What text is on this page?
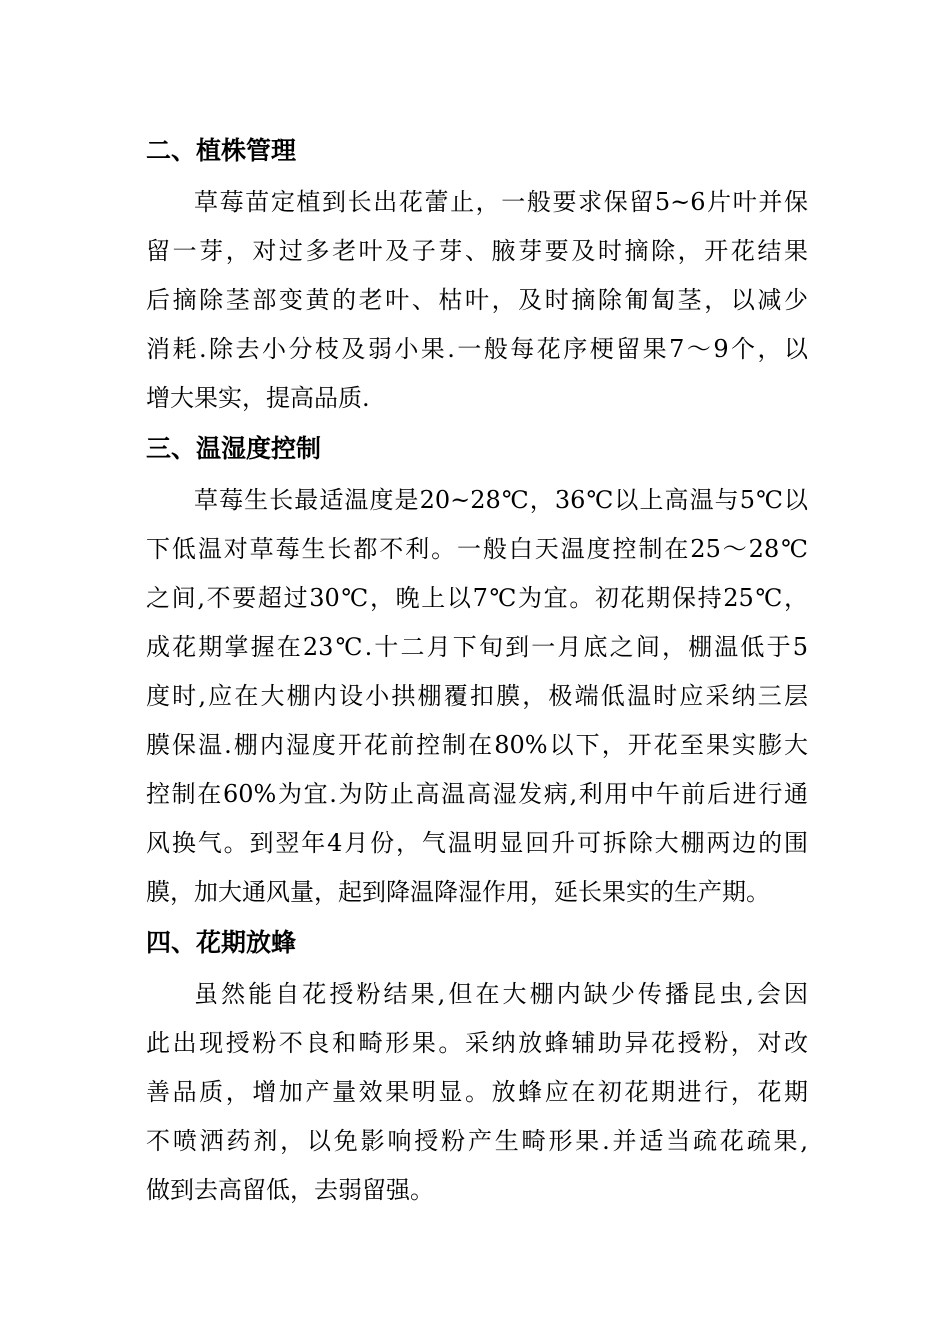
二、植株管理
草莓苗定植到长出花蕾止，一般要求保留5~6片叶并保
留一芽，对过多老叶及子芽、腋芽要及时摘除，开花结果
后摘除茎部变黄的老叶、枯叶，及时摘除匍匐茎，以减少
消耗.除去小分枝及弱小果.一般每花序梗留果7～9个，以
增大果实，提高品质.
三、温湿度控制
草莓生长最适温度是20~28℃，36℃以上高温与5℃以
下低温对草莓生长都不利。一般白天温度控制在25～28℃
之间,不要超过30℃，晚上以7℃为宜。初花期保持25℃，
成花期掌握在23℃.十二月下旬到一月底之间，棚温低于5
度时,应在大棚内设小拱棚覆扣膜，极端低温时应采纳三层
膜保温.棚内湿度开花前控制在80%以下，开花至果实膨大
控制在60%为宜.为防止高温高湿发病,利用中午前后进行通
风换气。到翌年4月份，气温明显回升可拆除大棚两边的围
膜，加大通风量，起到降温降湿作用，延长果实的生产期。
四、花期放蜂
虽然能自花授粉结果,但在大棚内缺少传播昆虫,会因
此出现授粉不良和畸形果。采纳放蜂辅助异花授粉，对改
善品质，增加产量效果明显。放蜂应在初花期进行，花期
不喷洒药剂，以免影响授粉产生畸形果.并适当疏花疏果,
做到去高留低，去弱留强。
